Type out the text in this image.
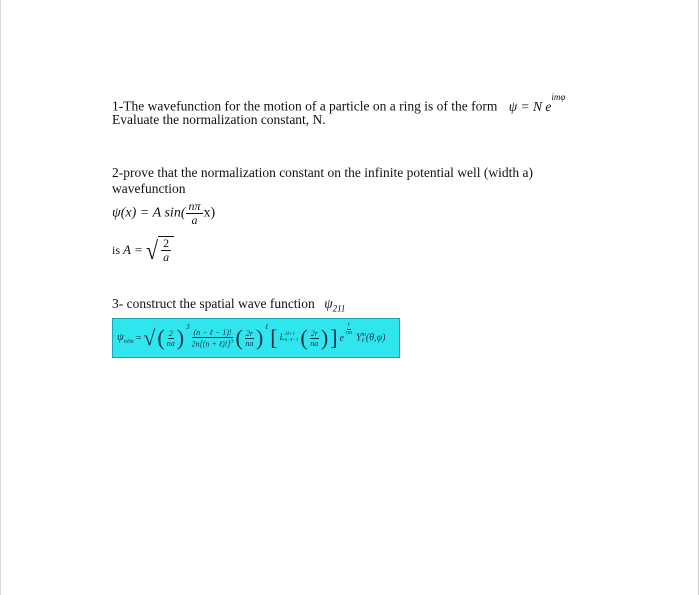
1-The wavefunction for the motion of a particle on a ring is of the form ψ = N $e^{im\varphi}$
Evaluate the normalization constant, N.
2-prove that the normalization constant on the infinite potential well (width a)
wavefunction
ψ(x) = A $\sin( \frac{n\pi}{a} x)$
is A = √ $\frac{2}{a}$
3- construct the spatial wave function $\psi_{211}$
$\psi_{n\ell m}$ = √ ( $\frac{2}{na}$ ) $^3$
$\frac{\text{(n − ℓ − 1)!}}{2n[(n + \ell)!]^3}$ ( $\frac{2r}{na}$ ) $^\ell$ [ L 2ℓ+1
n−ℓ−1 ( $\frac{2r}{na}$ ) ] e
$\frac{r}{na}$
Y m
ℓ (θ,φ)
